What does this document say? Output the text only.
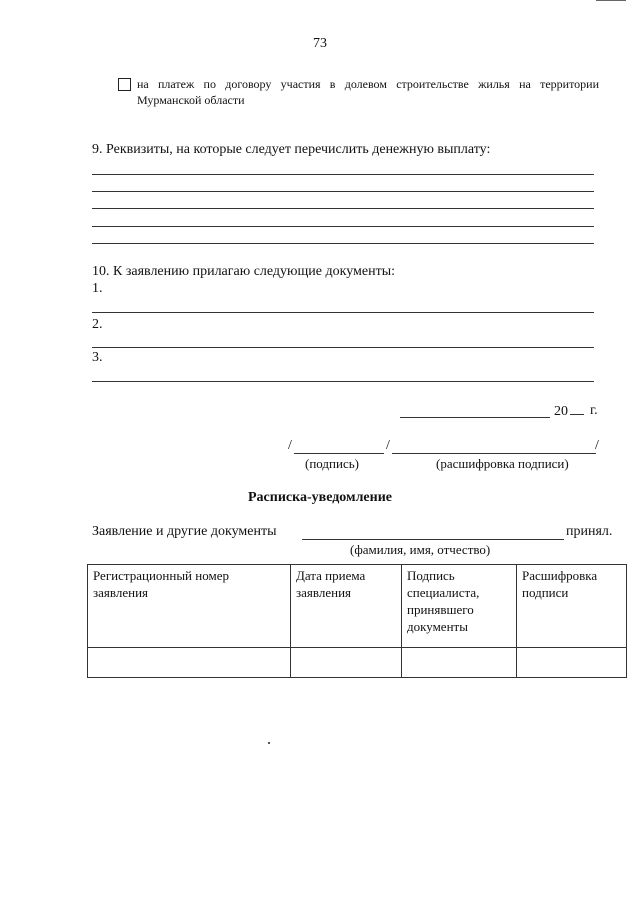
73
на платеж по договору участия в долевом строительстве жилья на территории Мурманской области
9. Реквизиты, на которые следует перечислить денежную выплату:
10. К заявлению прилагаю следующие документы:
1.
2.
3.
20	г.
/	/	/
(подпись)	(расшифровка подписи)
Расписка-уведомление
Заявление и другие документы	принял.
(фамилия, имя, отчество)
Регистрационный номер заявления	Дата приема заявления	Подпись специалиста, принявшего документы	Расшифровка подписи
